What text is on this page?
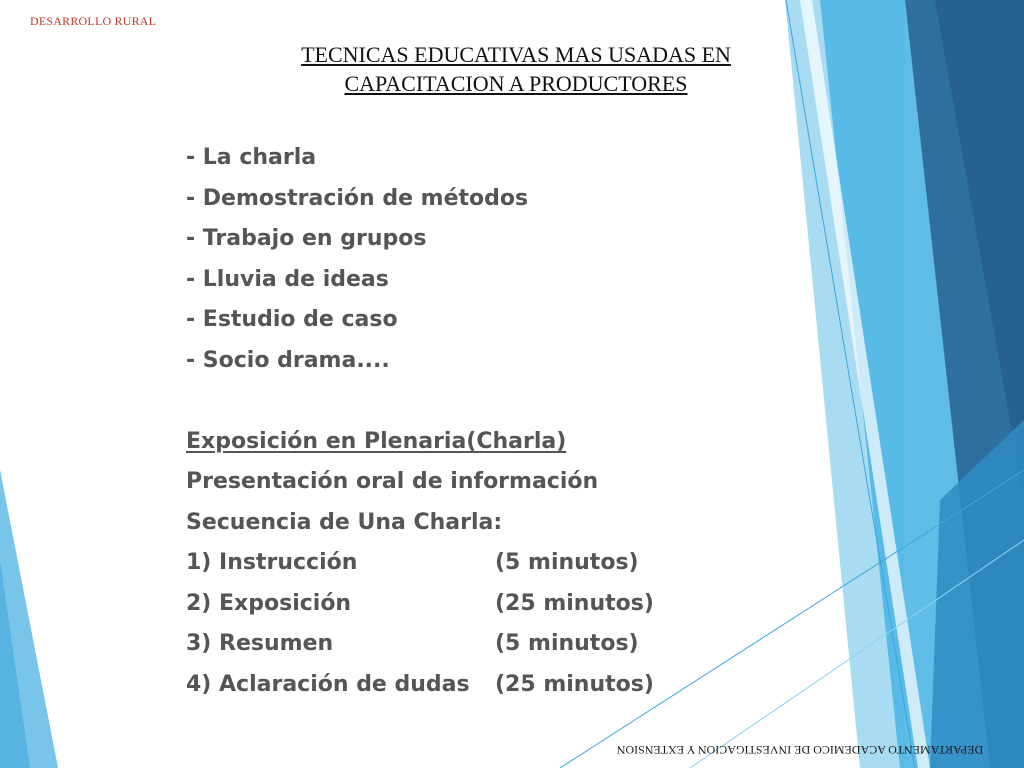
DESARROLLO RURAL
TECNICAS EDUCATIVAS MAS USADAS EN
CAPACITACION A PRODUCTORES
- La charla
- Demostración de métodos
- Trabajo en grupos
- Lluvia de ideas
- Estudio de caso
- Socio drama....
Exposición en Plenaria(Charla)
Presentación oral de información
Secuencia de Una Charla:
1) Instrucción	(5 minutos)
2) Exposición	(25 minutos)
3) Resumen	(5 minutos)
4) Aclaración de dudas	(25 minutos)
DEPARTAMENTO ACADEMICO DE INVESTIGACION Y EXTENSION
